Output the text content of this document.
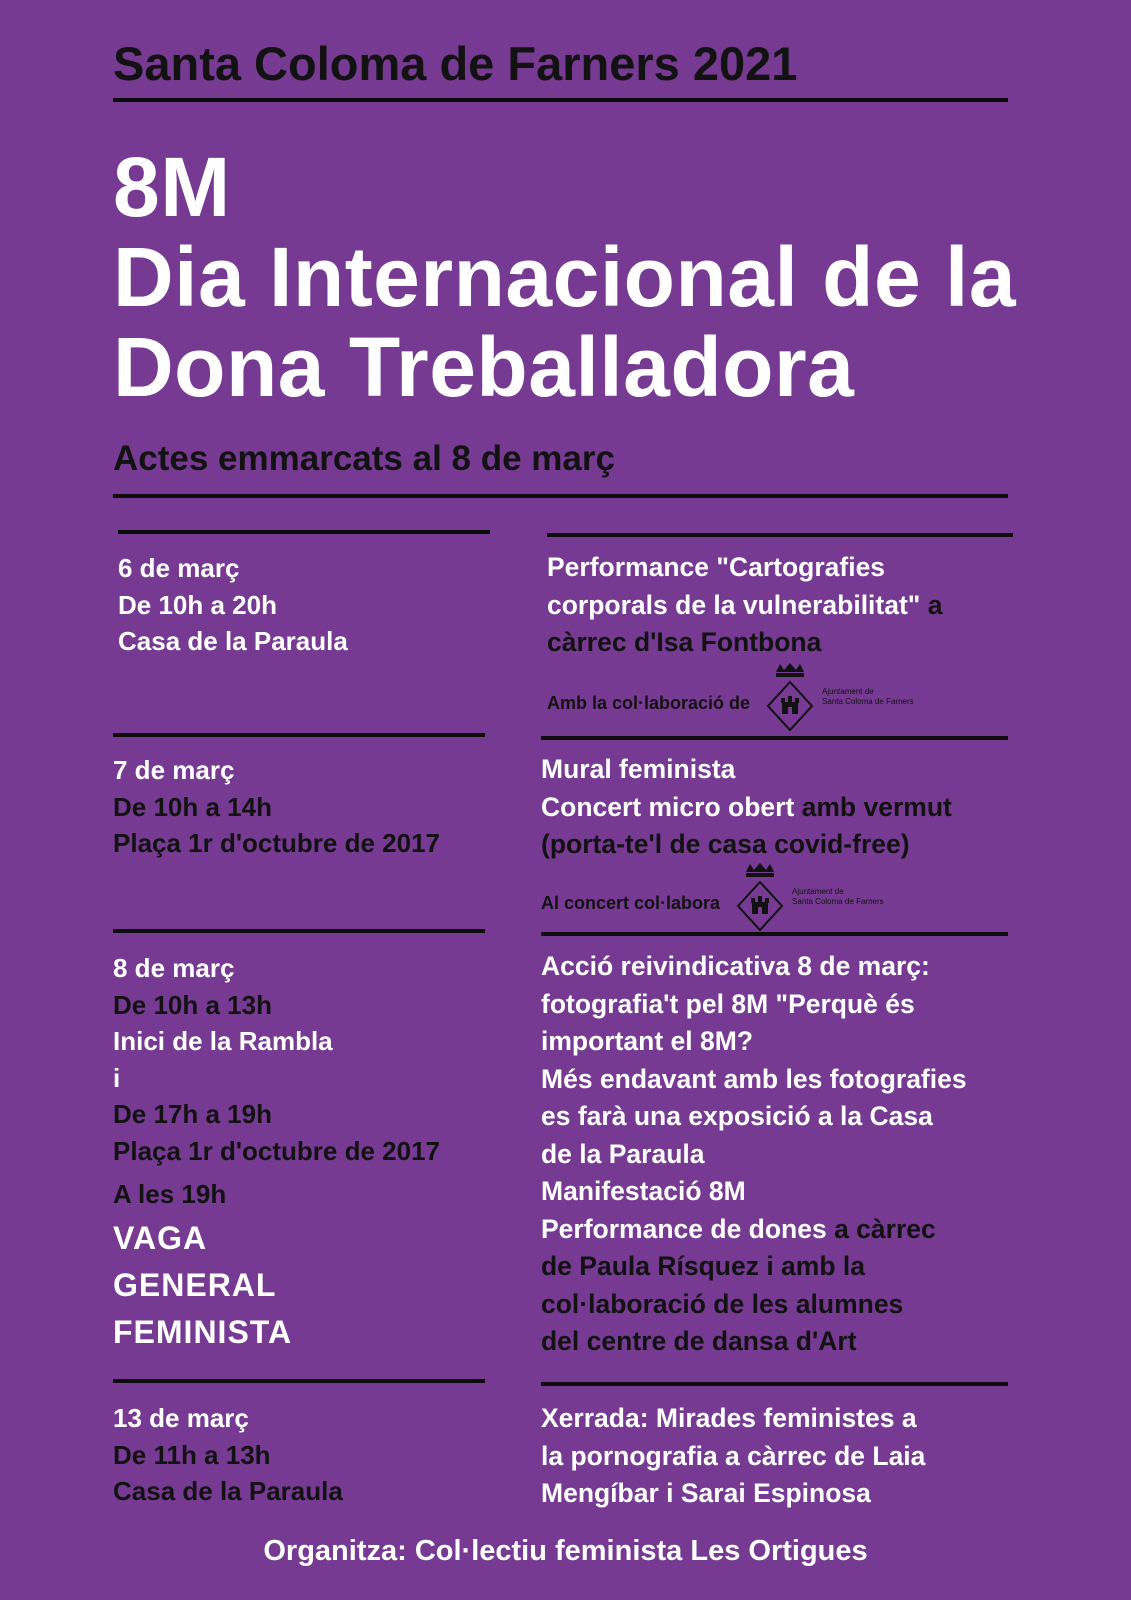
Santa Coloma de Farners 2021
8M
Dia Internacional de la
Dona Treballadora
Actes emmarcats al 8 de març
6 de març
De 10h a 20h
Casa de la Paraula
Performance "Cartografies
corporals de la vulnerabilitat" a
càrrec d'Isa Fontbona
Amb la col·laboració de
Ajuntament de
Santa Coloma de Farners
7 de març
De 10h a 14h
Plaça 1r d'octubre de 2017
Mural feminista
Concert micro obert amb vermut
(porta-te'l de casa covid-free)
Al concert col·labora
Ajuntament de
Santa Coloma de Farners
8 de març
De 10h a 13h
Inici de la Rambla
i
De 17h a 19h
Plaça 1r d'octubre de 2017
A les 19h
VAGA
GENERAL
FEMINISTA
Acció reivindicativa 8 de març:
fotografia't pel 8M "Perquè és
important el 8M?
Més endavant amb les fotografies
es farà una exposició a la Casa
de la Paraula
Manifestació 8M
Performance de dones a càrrec
de Paula Rísquez i amb la
col·laboració de les alumnes
del centre de dansa d'Art
13 de març
De 11h a 13h
Casa de la Paraula
Xerrada: Mirades feministes a
la pornografia a càrrec de Laia
Mengíbar i Sarai Espinosa
Organitza: Col·lectiu feminista Les Ortigues
